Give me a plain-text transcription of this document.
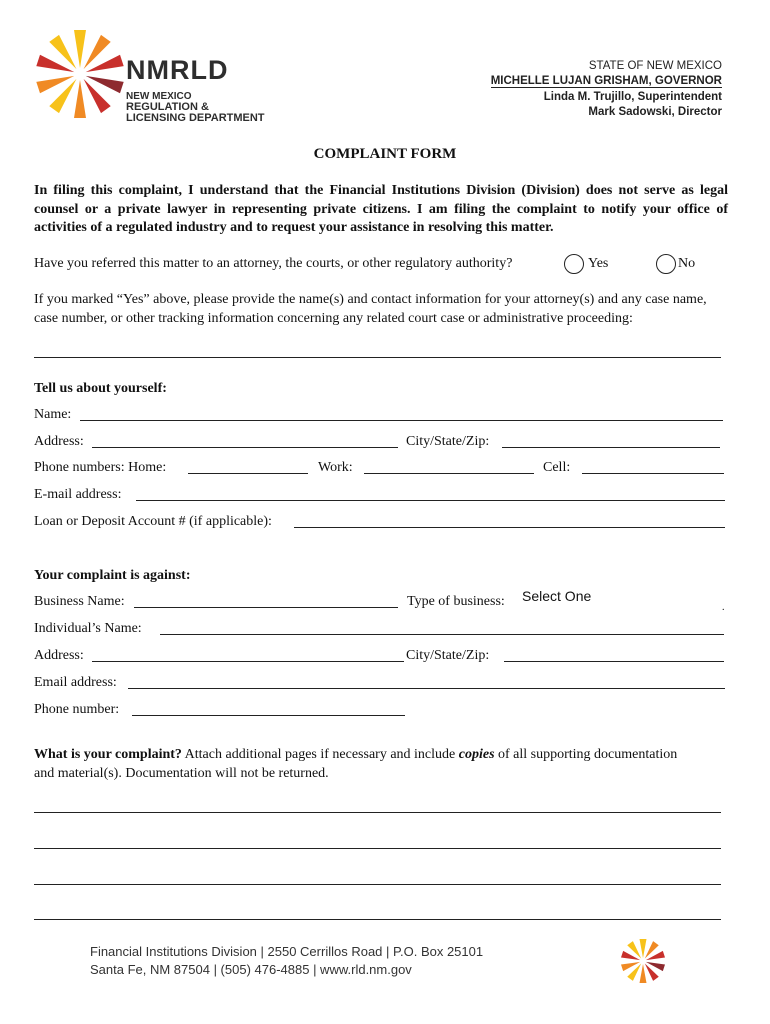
NMRLD
NEW MEXICO
REGULATION &
LICENSING DEPARTMENT
STATE OF NEW MEXICO
MICHELLE LUJAN GRISHAM, GOVERNOR
Linda M. Trujillo, Superintendent
Mark Sadowski, Director
COMPLAINT FORM
In filing this complaint, I understand that the Financial Institutions Division (Division) does not serve as legal counsel or a private lawyer in representing private citizens. I am filing the complaint to notify your office of activities of a regulated industry and to request your assistance in resolving this matter.
Have you referred this matter to an attorney, the courts, or other regulatory authority?	Yes	No
If you marked “Yes” above, please provide the name(s) and contact information for your attorney(s) and any case name, case number, or other tracking information concerning any related court case or administrative proceeding:
Tell us about yourself:
Name:
Address:	City/State/Zip:
Phone numbers: Home:	Work:	Cell:
E-mail address:
Loan or Deposit Account # (if applicable):
Your complaint is against:
Business Name:	Type of business: Select One
.
Individual’s Name:
Address:	City/State/Zip:
Email address:
Phone number:
What is your complaint? Attach additional pages if necessary and include copies of all supporting documentation
and material(s). Documentation will not be returned.
Financial Institutions Division | 2550 Cerrillos Road | P.O. Box 25101
Santa Fe, NM 87504 | (505) 476-4885 | www.rld.nm.gov
